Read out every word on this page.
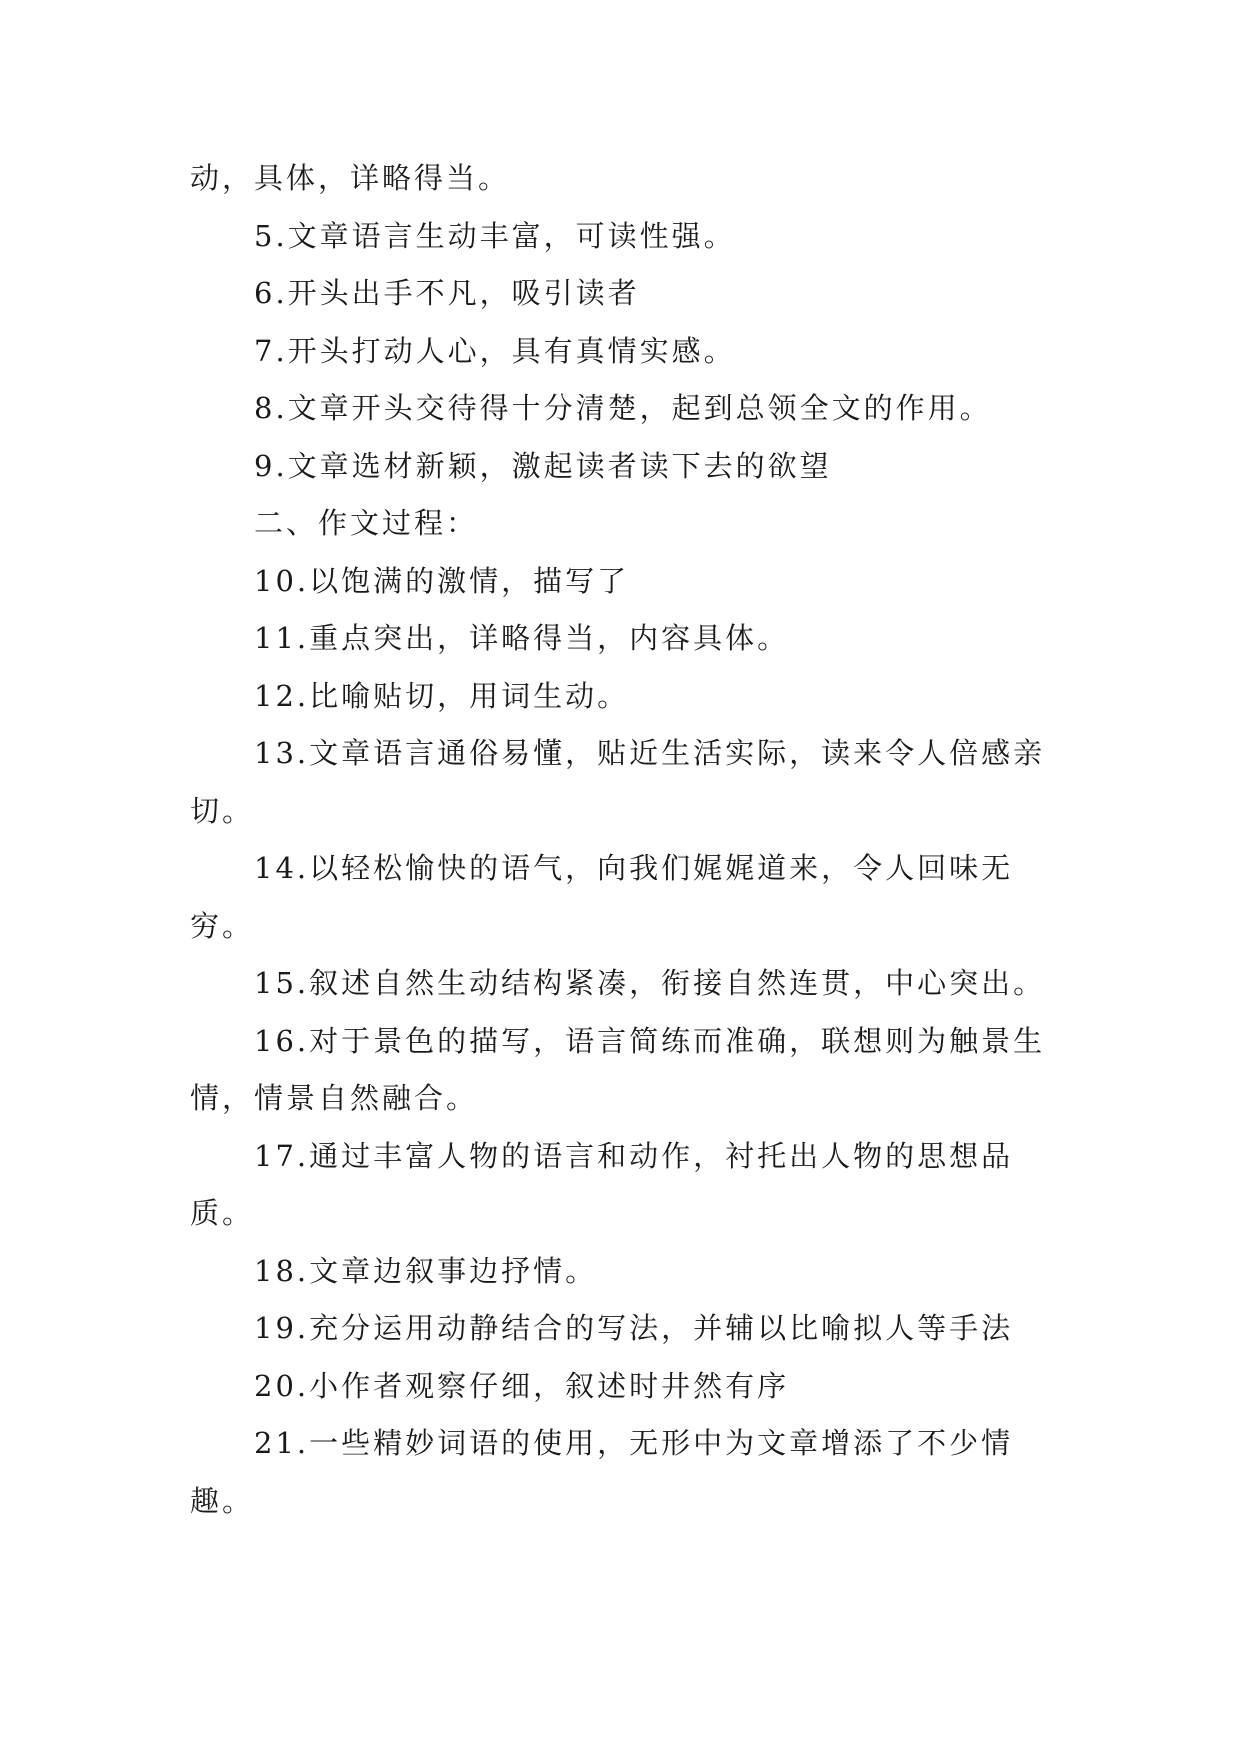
动，具体，详略得当。

5.文章语言生动丰富，可读性强。

6.开头出手不凡，吸引读者

7.开头打动人心，具有真情实感。

8.文章开头交待得十分清楚，起到总领全文的作用。

9.文章选材新颖，激起读者读下去的欲望

二、作文过程：

10.以饱满的激情，描写了

11.重点突出，详略得当，内容具体。

12.比喻贴切，用词生动。

13.文章语言通俗易懂，贴近生活实际，读来令人倍感亲切。

14.以轻松愉快的语气，向我们娓娓道来，令人回味无穷。

15.叙述自然生动结构紧凑，衔接自然连贯，中心突出。

16.对于景色的描写，语言简练而准确，联想则为触景生情，情景自然融合。

17.通过丰富人物的语言和动作，衬托出人物的思想品质。

18.文章边叙事边抒情。

19.充分运用动静结合的写法，并辅以比喻拟人等手法

20.小作者观察仔细，叙述时井然有序

21.一些精妙词语的使用，无形中为文章增添了不少情趣。
